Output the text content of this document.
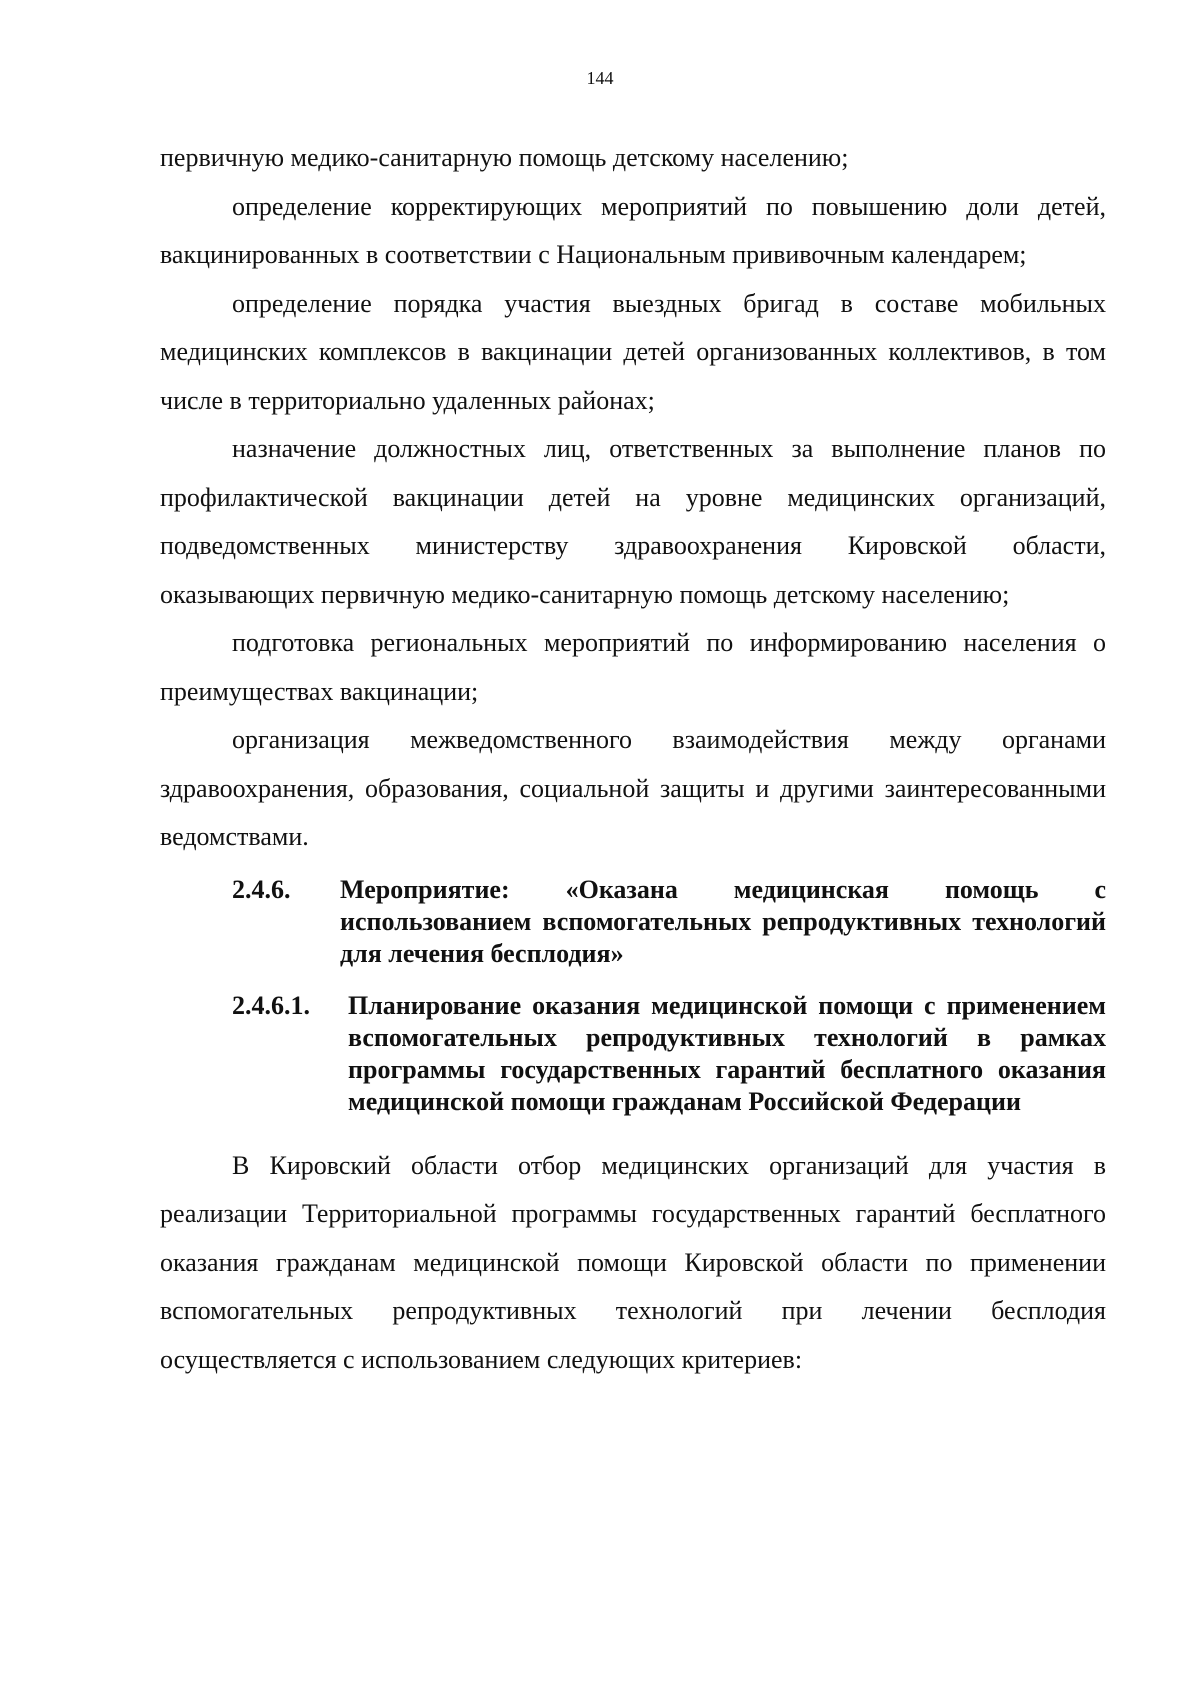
144

первичную медико-санитарную помощь детскому населению;

определение корректирующих мероприятий по повышению доли детей, вакцинированных в соответствии с Национальным прививочным календарем;

определение порядка участия выездных бригад в составе мобильных медицинских комплексов в вакцинации детей организованных коллективов, в том числе в территориально удаленных районах;

назначение должностных лиц, ответственных за выполнение планов по профилактической вакцинации детей на уровне медицинских организаций, подведомственных министерству здравоохранения Кировской области, оказывающих первичную медико-санитарную помощь детскому населению;

подготовка региональных мероприятий по информированию населения о преимуществах вакцинации;

организация межведомственного взаимодействия между органами здравоохранения, образования, социальной защиты и другими заинтересованными ведомствами.

2.4.6.	Мероприятие: «Оказана медицинская помощь с использованием вспомогательных репродуктивных технологий для лечения бесплодия»
2.4.6.1.	Планирование оказания медицинской помощи с применением вспомогательных репродуктивных технологий в рамках программы государственных гарантий бесплатного оказания медицинской помощи гражданам Российской Федерации

В Кировский области отбор медицинских организаций для участия в реализации Территориальной программы государственных гарантий бесплатного оказания гражданам медицинской помощи Кировской области по применении вспомогательных репродуктивных технологий при лечении бесплодия осуществляется с использованием следующих критериев:
